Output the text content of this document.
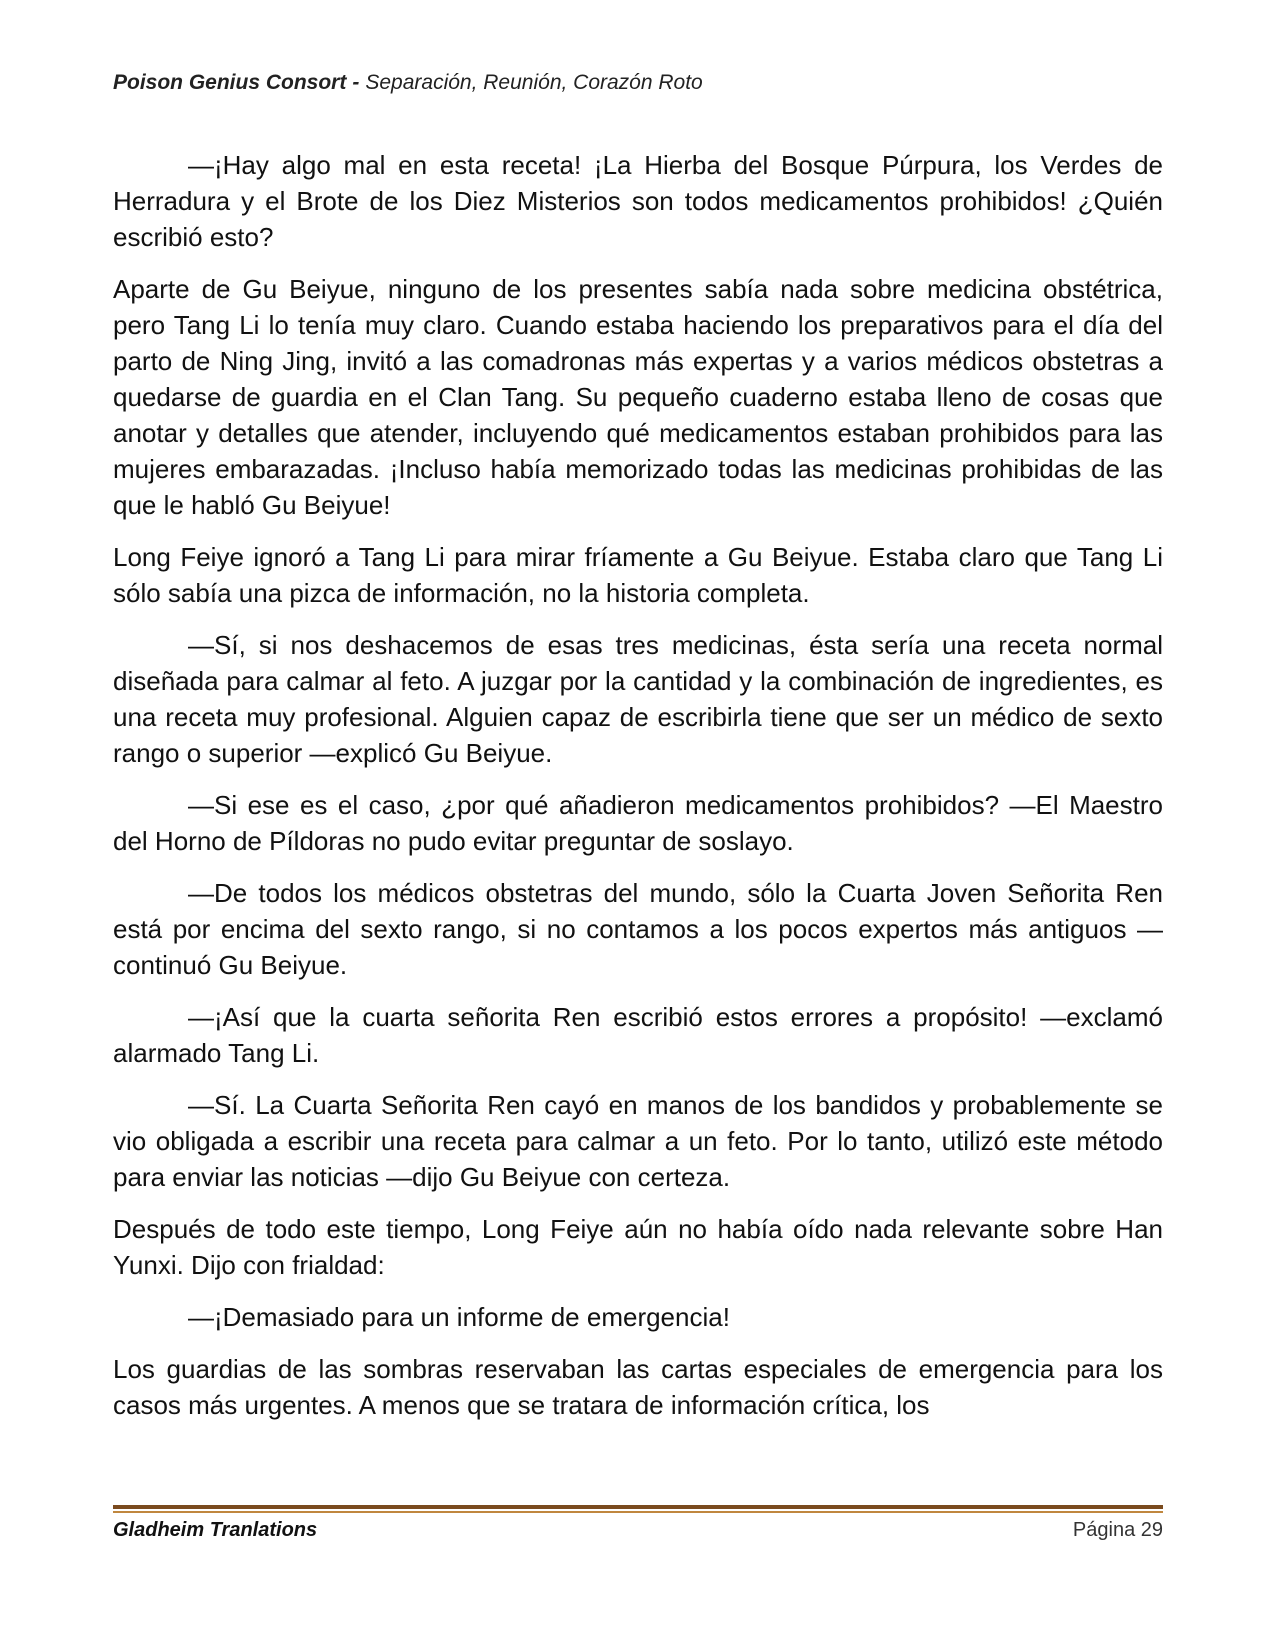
Poison Genius Consort - Separación, Reunión, Corazón Roto

—¡Hay algo mal en esta receta! ¡La Hierba del Bosque Púrpura, los Verdes de Herradura y el Brote de los Diez Misterios son todos medicamentos prohibidos! ¿Quién escribió esto?

Aparte de Gu Beiyue, ninguno de los presentes sabía nada sobre medicina obstétrica, pero Tang Li lo tenía muy claro. Cuando estaba haciendo los preparativos para el día del parto de Ning Jing, invitó a las comadronas más expertas y a varios médicos obstetras a quedarse de guardia en el Clan Tang. Su pequeño cuaderno estaba lleno de cosas que anotar y detalles que atender, incluyendo qué medicamentos estaban prohibidos para las mujeres embarazadas. ¡Incluso había memorizado todas las medicinas prohibidas de las que le habló Gu Beiyue!

Long Feiye ignoró a Tang Li para mirar fríamente a Gu Beiyue. Estaba claro que Tang Li sólo sabía una pizca de información, no la historia completa.

—Sí, si nos deshacemos de esas tres medicinas, ésta sería una receta normal diseñada para calmar al feto. A juzgar por la cantidad y la combinación de ingredientes, es una receta muy profesional. Alguien capaz de escribirla tiene que ser un médico de sexto rango o superior —explicó Gu Beiyue.

—Si ese es el caso, ¿por qué añadieron medicamentos prohibidos? —El Maestro del Horno de Píldoras no pudo evitar preguntar de soslayo.

—De todos los médicos obstetras del mundo, sólo la Cuarta Joven Señorita Ren está por encima del sexto rango, si no contamos a los pocos expertos más antiguos —continuó Gu Beiyue.

—¡Así que la cuarta señorita Ren escribió estos errores a propósito! —exclamó alarmado Tang Li.

—Sí. La Cuarta Señorita Ren cayó en manos de los bandidos y probablemente se vio obligada a escribir una receta para calmar a un feto. Por lo tanto, utilizó este método para enviar las noticias —dijo Gu Beiyue con certeza.

Después de todo este tiempo, Long Feiye aún no había oído nada relevante sobre Han Yunxi. Dijo con frialdad:

—¡Demasiado para un informe de emergencia!

Los guardias de las sombras reservaban las cartas especiales de emergencia para los casos más urgentes. A menos que se tratara de información crítica, los

Gladheim Tranlations	Página 29
